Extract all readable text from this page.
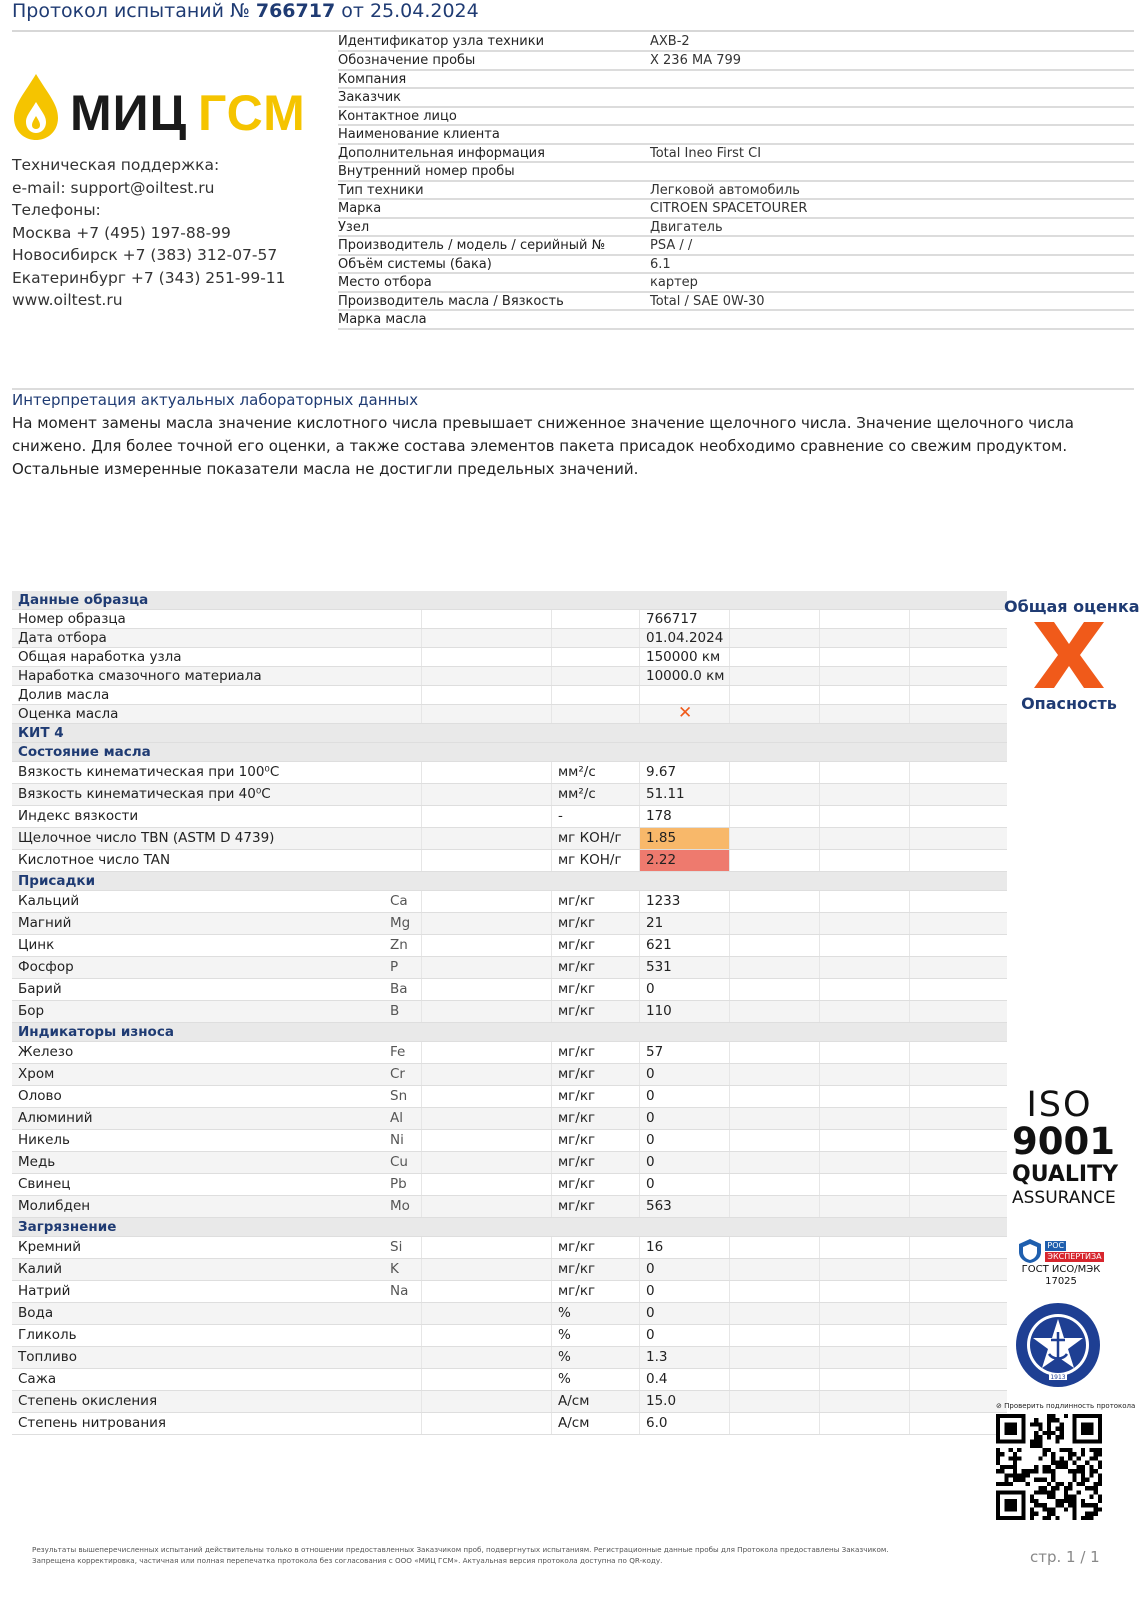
Протокол испытаний № 766717 от 25.04.2024
МИЦ ГСМ
Техническая поддержка:
e-mail: support@oiltest.ru
Телефоны:
Москва +7 (495) 197-88-99
Новосибирск +7 (383) 312-07-57
Екатеринбург +7 (343) 251-99-11
www.oiltest.ru
Идентификатор узла техники	AXB-2
Обозначение пробы	X 236 MA 799
Компания
Заказчик
Контактное лицо
Наименование клиента
Дополнительная информация	Total Ineo First CI
Внутренний номер пробы
Тип техники	Легковой автомобиль
Марка	CITROEN SPACETOURER
Узел	Двигатель
Производитель / модель / серийный №	PSA / /
Объём системы (бака)	6.1
Место отбора	картер
Производитель масла / Вязкость	Total / SAE 0W-30
Марка масла
Интерпретация актуальных лабораторных данных
На момент замены масла значение кислотного числа превышает сниженное значение щелочного числа. Значение щелочного числа снижено. Для более точной его оценки, а также состава элементов пакета присадок необходимо сравнение со свежим продуктом. Остальные измеренные показатели масла не достигли предельных значений.
Данные образца
Номер образца	766717
Дата отбора	01.04.2024
Общая наработка узла	150000 км
Наработка смазочного материала	10000.0 км
Долив масла
Оценка масла	✕
КИТ 4
Состояние масла
Вязкость кинематическая при 100⁰C	мм²/с	9.67
Вязкость кинематическая при 40⁰C	мм²/с	51.11
Индекс вязкости	-	178
Щелочное число TBN (ASTM D 4739)	мг КОН/г	1.85
Кислотное число TAN	мг КОН/г	2.22
Присадки
Кальций	Ca	мг/кг	1233
Магний	Mg	мг/кг	21
Цинк	Zn	мг/кг	621
Фосфор	P	мг/кг	531
Барий	Ba	мг/кг	0
Бор	B	мг/кг	110
Индикаторы износа
Железо	Fe	мг/кг	57
Хром	Cr	мг/кг	0
Олово	Sn	мг/кг	0
Алюминий	Al	мг/кг	0
Никель	Ni	мг/кг	0
Медь	Cu	мг/кг	0
Свинец	Pb	мг/кг	0
Молибден	Mo	мг/кг	563
Загрязнение
Кремний	Si	мг/кг	16
Калий	K	мг/кг	0
Натрий	Na	мг/кг	0
Вода	%	0
Гликоль	%	0
Топливо	%	1.3
Сажа	%	0.4
Степень окисления	А/см	15.0
Степень нитрования	А/см	6.0
Общая оценка
Опасность
ISO
9001
QUALITY
ASSURANCE
РОС
ЭКСПЕРТИЗА
ГОСТ ИСО/МЭК
17025
1913
⊘ Проверить подлинность протокола
Результаты вышеперечисленных испытаний действительны только в отношении предоставленных Заказчиком проб, подвергнутых испытаниям. Регистрационные данные пробы для Протокола предоставлены Заказчиком.
Запрещена корректировка, частичная или полная перепечатка протокола без согласования с ООО «МИЦ ГСМ». Актуальная версия протокола доступна по QR-коду.	стр. 1 / 1
